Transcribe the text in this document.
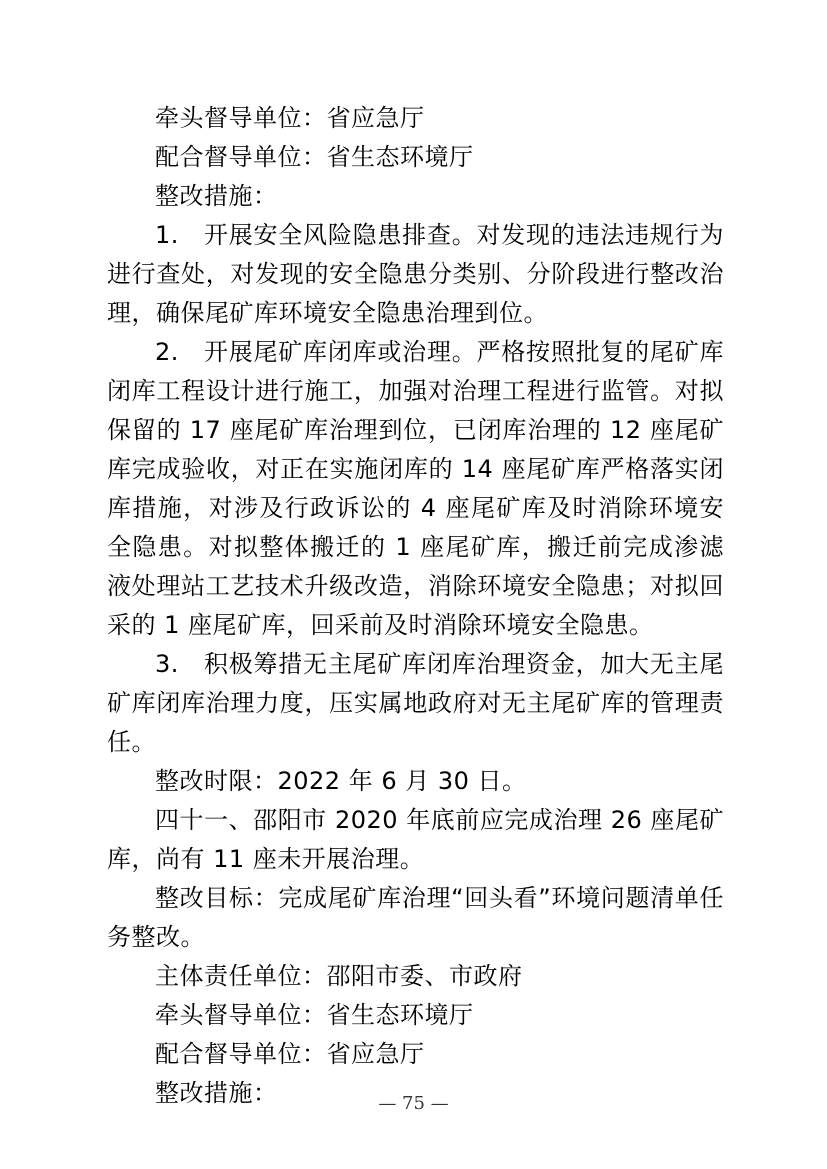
牵头督导单位：省应急厅

配合督导单位：省生态环境厅

整改措施：

1.　开展安全风险隐患排查。对发现的违法违规行为进行查处，对发现的安全隐患分类别、分阶段进行整改治理，确保尾矿库环境安全隐患治理到位。

2.　开展尾矿库闭库或治理。严格按照批复的尾矿库闭库工程设计进行施工，加强对治理工程进行监管。对拟保留的 17 座尾矿库治理到位，已闭库治理的 12 座尾矿库完成验收，对正在实施闭库的 14 座尾矿库严格落实闭库措施，对涉及行政诉讼的 4 座尾矿库及时消除环境安全隐患。对拟整体搬迁的 1 座尾矿库，搬迁前完成渗滤液处理站工艺技术升级改造，消除环境安全隐患；对拟回采的 1 座尾矿库，回采前及时消除环境安全隐患。

3.　积极筹措无主尾矿库闭库治理资金，加大无主尾矿库闭库治理力度，压实属地政府对无主尾矿库的管理责任。

整改时限：2022 年 6 月 30 日。

四十一、邵阳市 2020 年底前应完成治理 26 座尾矿库，尚有 11 座未开展治理。

整改目标：完成尾矿库治理“回头看”环境问题清单任务整改。

主体责任单位：邵阳市委、市政府

牵头督导单位：省生态环境厅

配合督导单位：省应急厅

整改措施：	— 75 —
